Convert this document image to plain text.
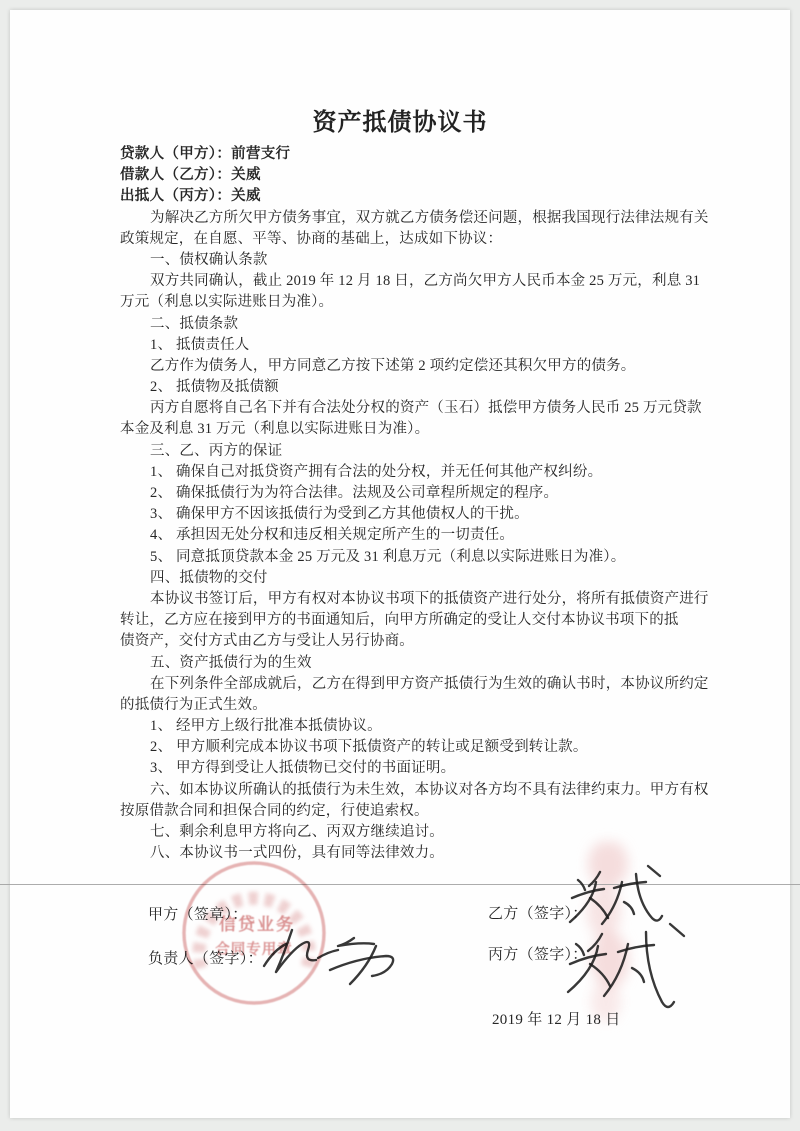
资产抵债协议书
贷款人（甲方）：前营支行
借款人（乙方）：关威
出抵人（丙方）：关威
为解决乙方所欠甲方债务事宜，双方就乙方债务偿还问题，根据我国现行法律法规有关
政策规定，在自愿、平等、协商的基础上，达成如下协议：
一、债权确认条款
双方共同确认，截止 2019 年 12 月 18 日，乙方尚欠甲方人民币本金 25 万元，利息 31
万元（利息以实际进账日为准）。
二、抵债条款
1、 抵债责任人
乙方作为债务人，甲方同意乙方按下述第 2 项约定偿还其积欠甲方的债务。
2、 抵债物及抵债额
丙方自愿将自己名下并有合法处分权的资产（玉石）抵偿甲方债务人民币 25 万元贷款
本金及利息 31 万元（利息以实际进账日为准）。
三、乙、丙方的保证
1、 确保自己对抵贷资产拥有合法的处分权，并无任何其他产权纠纷。
2、 确保抵债行为为符合法律。法规及公司章程所规定的程序。
3、 确保甲方不因该抵债行为受到乙方其他债权人的干扰。
4、 承担因无处分权和违反相关规定所产生的一切责任。
5、 同意抵顶贷款本金 25 万元及 31 利息万元（利息以实际进账日为准）。
四、抵债物的交付
本协议书签订后，甲方有权对本协议书项下的抵债资产进行处分，将所有抵债资产进行
转让，乙方应在接到甲方的书面通知后，向甲方所确定的受让人交付本协议书项下的抵
债资产，交付方式由乙方与受让人另行协商。
五、资产抵债行为的生效
在下列条件全部成就后，乙方在得到甲方资产抵债行为生效的确认书时，本协议所约定
的抵债行为正式生效。
1、 经甲方上级行批准本抵债协议。
2、 甲方顺利完成本协议书项下抵债资产的转让或足额受到转让款。
3、 甲方得到受让人抵债物已交付的书面证明。
六、如本协议所确认的抵债行为未生效，本协议对各方均不具有法律约束力。甲方有权
按原借款合同和担保合同的约定，行使追索权。
七、剩余利息甲方将向乙、丙双方继续追讨。
八、本协议书一式四份，具有同等法律效力。
甲方（签章）：
负责人（签字）：
乙方（签字）：
丙方（签字）：
2019 年 12 月 18 日
信贷业务
合同专用章
